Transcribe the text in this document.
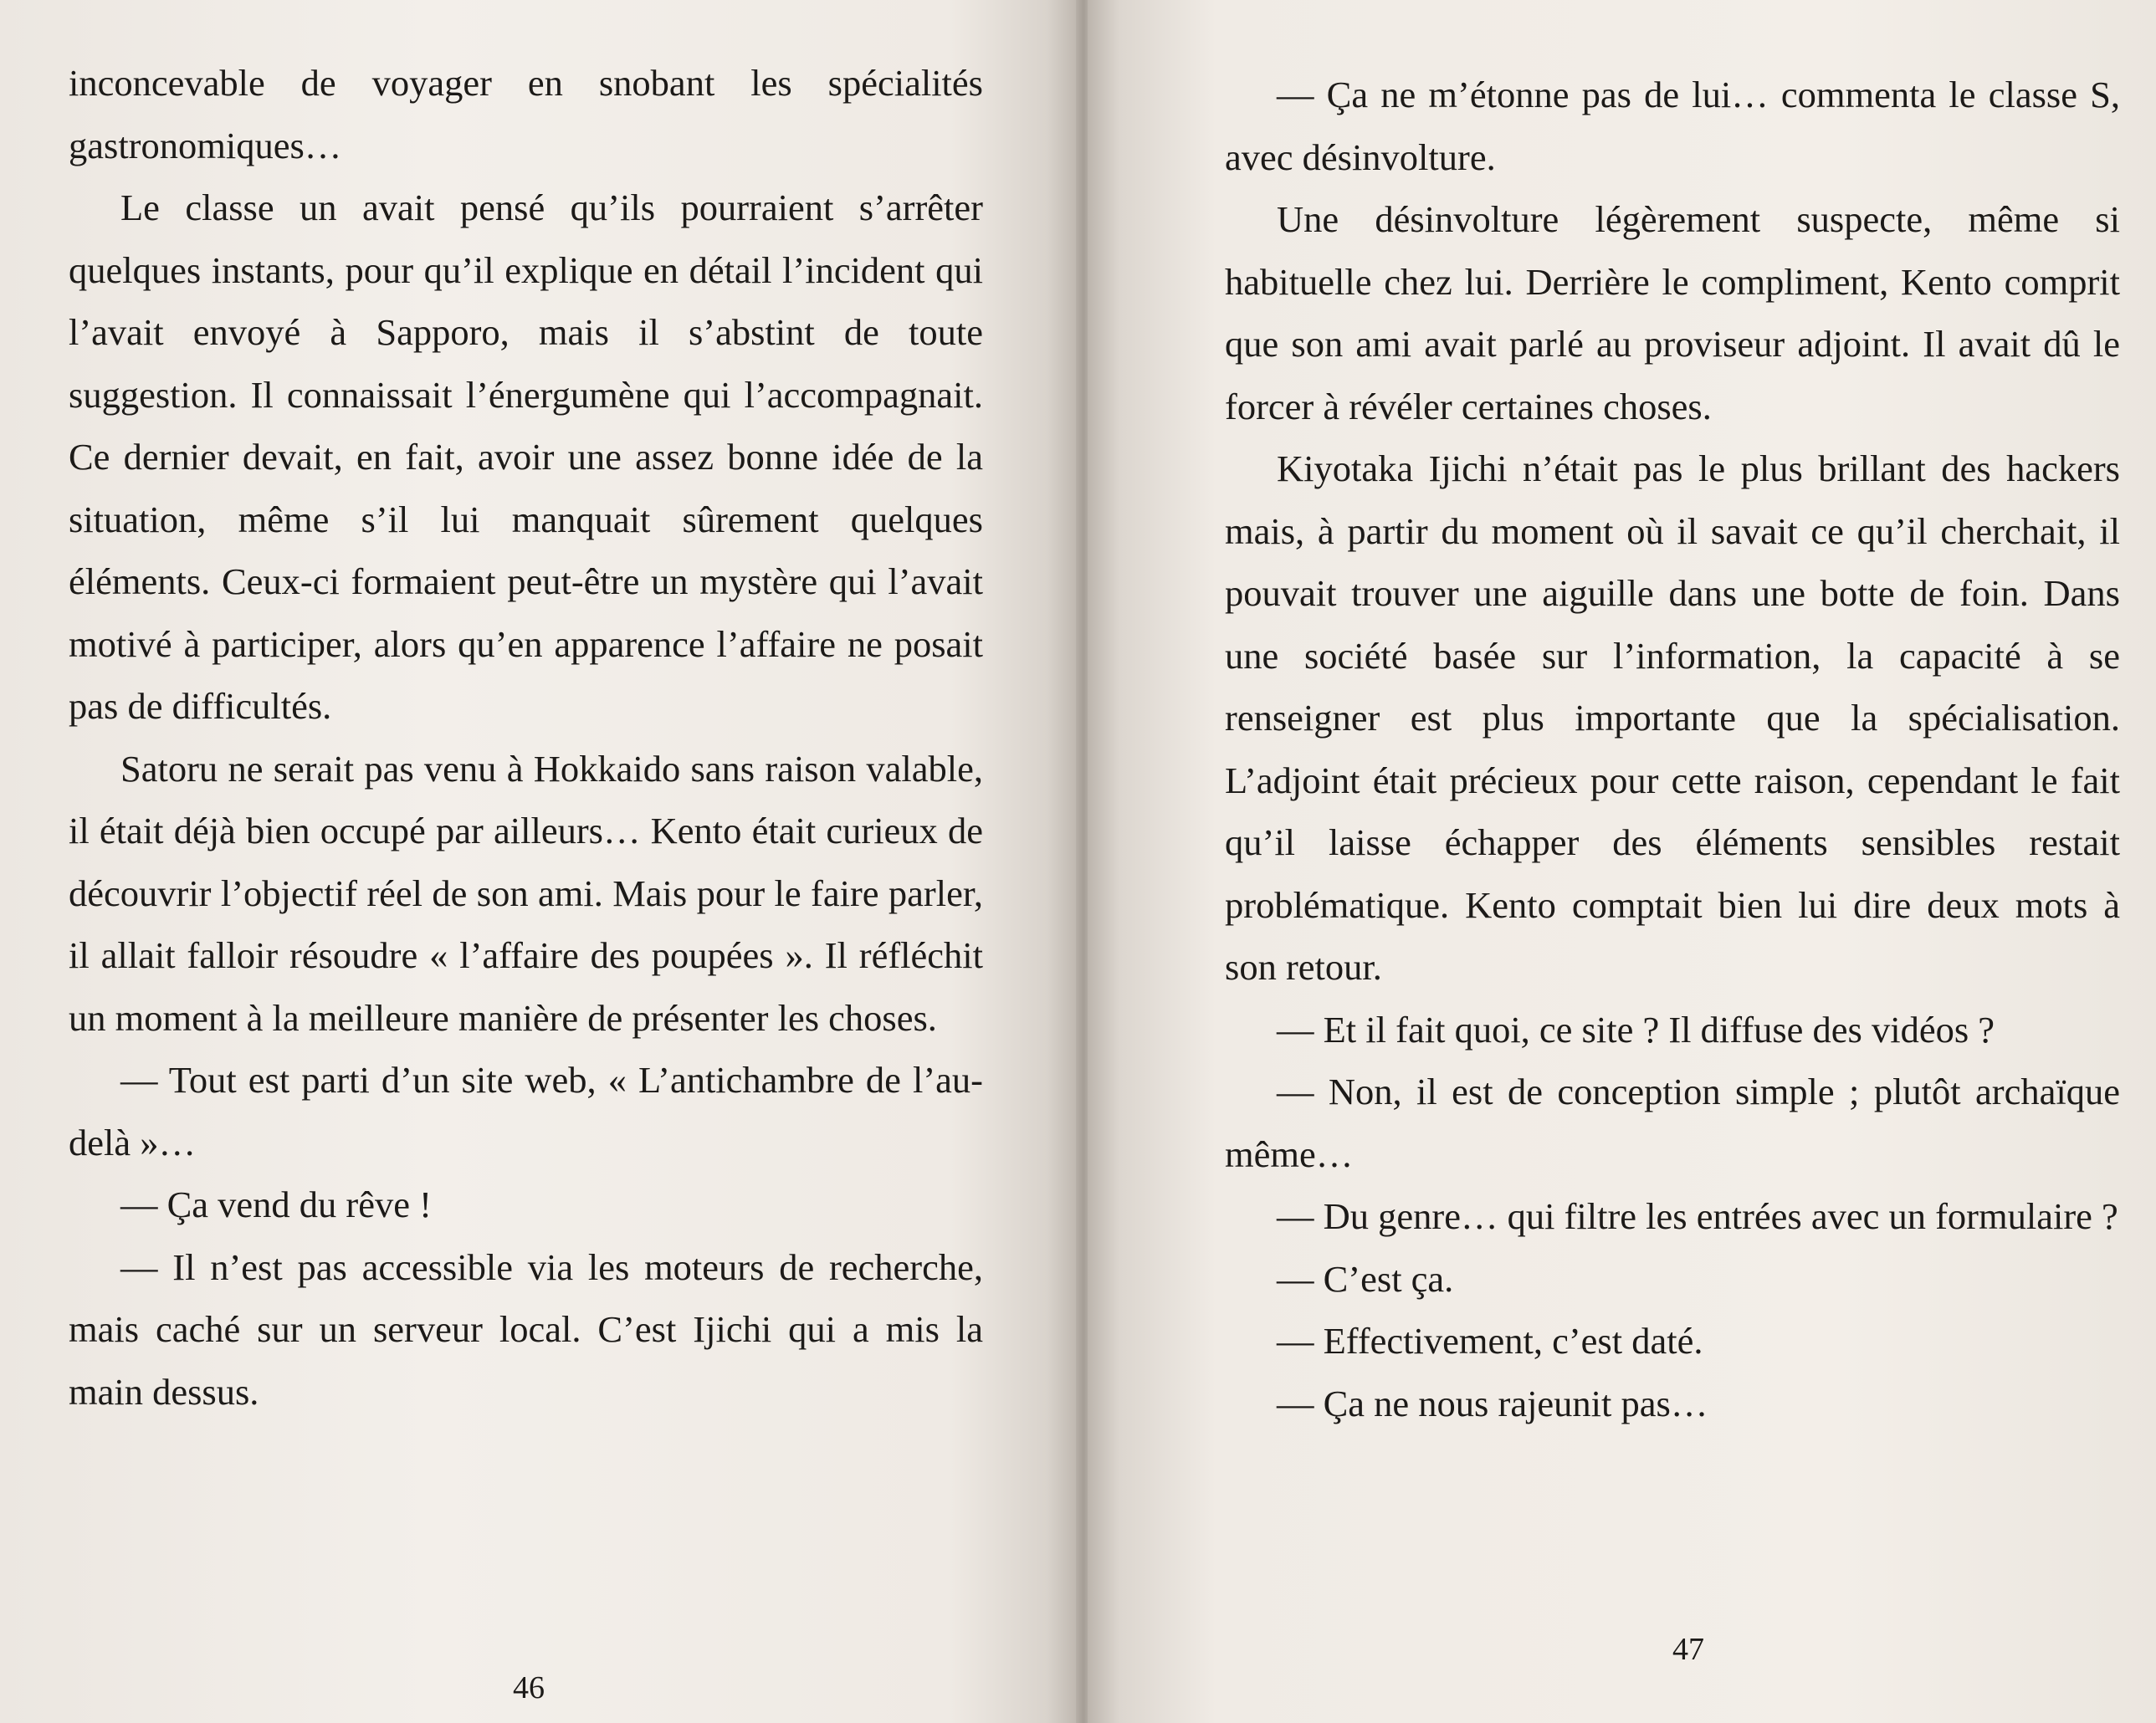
inconcevable de voyager en snobant les spécialités gastronomiques…

Le classe un avait pensé qu’ils pourraient s’arrêter quelques instants, pour qu’il explique en détail l’incident qui l’avait envoyé à Sapporo, mais il s’abstint de toute suggestion. Il connaissait l’énergumène qui l’accompagnait. Ce dernier devait, en fait, avoir une assez bonne idée de la situation, même s’il lui manquait sûrement quelques éléments. Ceux-ci formaient peut-être un mystère qui l’avait motivé à participer, alors qu’en apparence l’affaire ne posait pas de difficultés.

Satoru ne serait pas venu à Hokkaido sans raison valable, il était déjà bien occupé par ailleurs… Kento était curieux de découvrir l’objectif réel de son ami. Mais pour le faire parler, il allait falloir résoudre « l’affaire des poupées ». Il réfléchit un moment à la meilleure manière de présenter les choses.

— Tout est parti d’un site web, « L’antichambre de l’au-delà »…

— Ça vend du rêve !

— Il n’est pas accessible via les moteurs de recherche, mais caché sur un serveur local. C’est Ijichi qui a mis la main dessus.

46

— Ça ne m’étonne pas de lui… commenta le classe S, avec désinvolture.

Une désinvolture légèrement suspecte, même si habituelle chez lui. Derrière le compliment, Kento comprit que son ami avait parlé au proviseur adjoint. Il avait dû le forcer à révéler certaines choses.

Kiyotaka Ijichi n’était pas le plus brillant des hackers mais, à partir du moment où il savait ce qu’il cherchait, il pouvait trouver une aiguille dans une botte de foin. Dans une société basée sur l’information, la capacité à se renseigner est plus importante que la spécialisation. L’adjoint était précieux pour cette raison, cependant le fait qu’il laisse échapper des éléments sensibles restait problématique. Kento comptait bien lui dire deux mots à son retour.

— Et il fait quoi, ce site ? Il diffuse des vidéos ?

— Non, il est de conception simple ; plutôt archaïque même…

— Du genre… qui filtre les entrées avec un formulaire ?

— C’est ça.

— Effectivement, c’est daté.

— Ça ne nous rajeunit pas…

47
